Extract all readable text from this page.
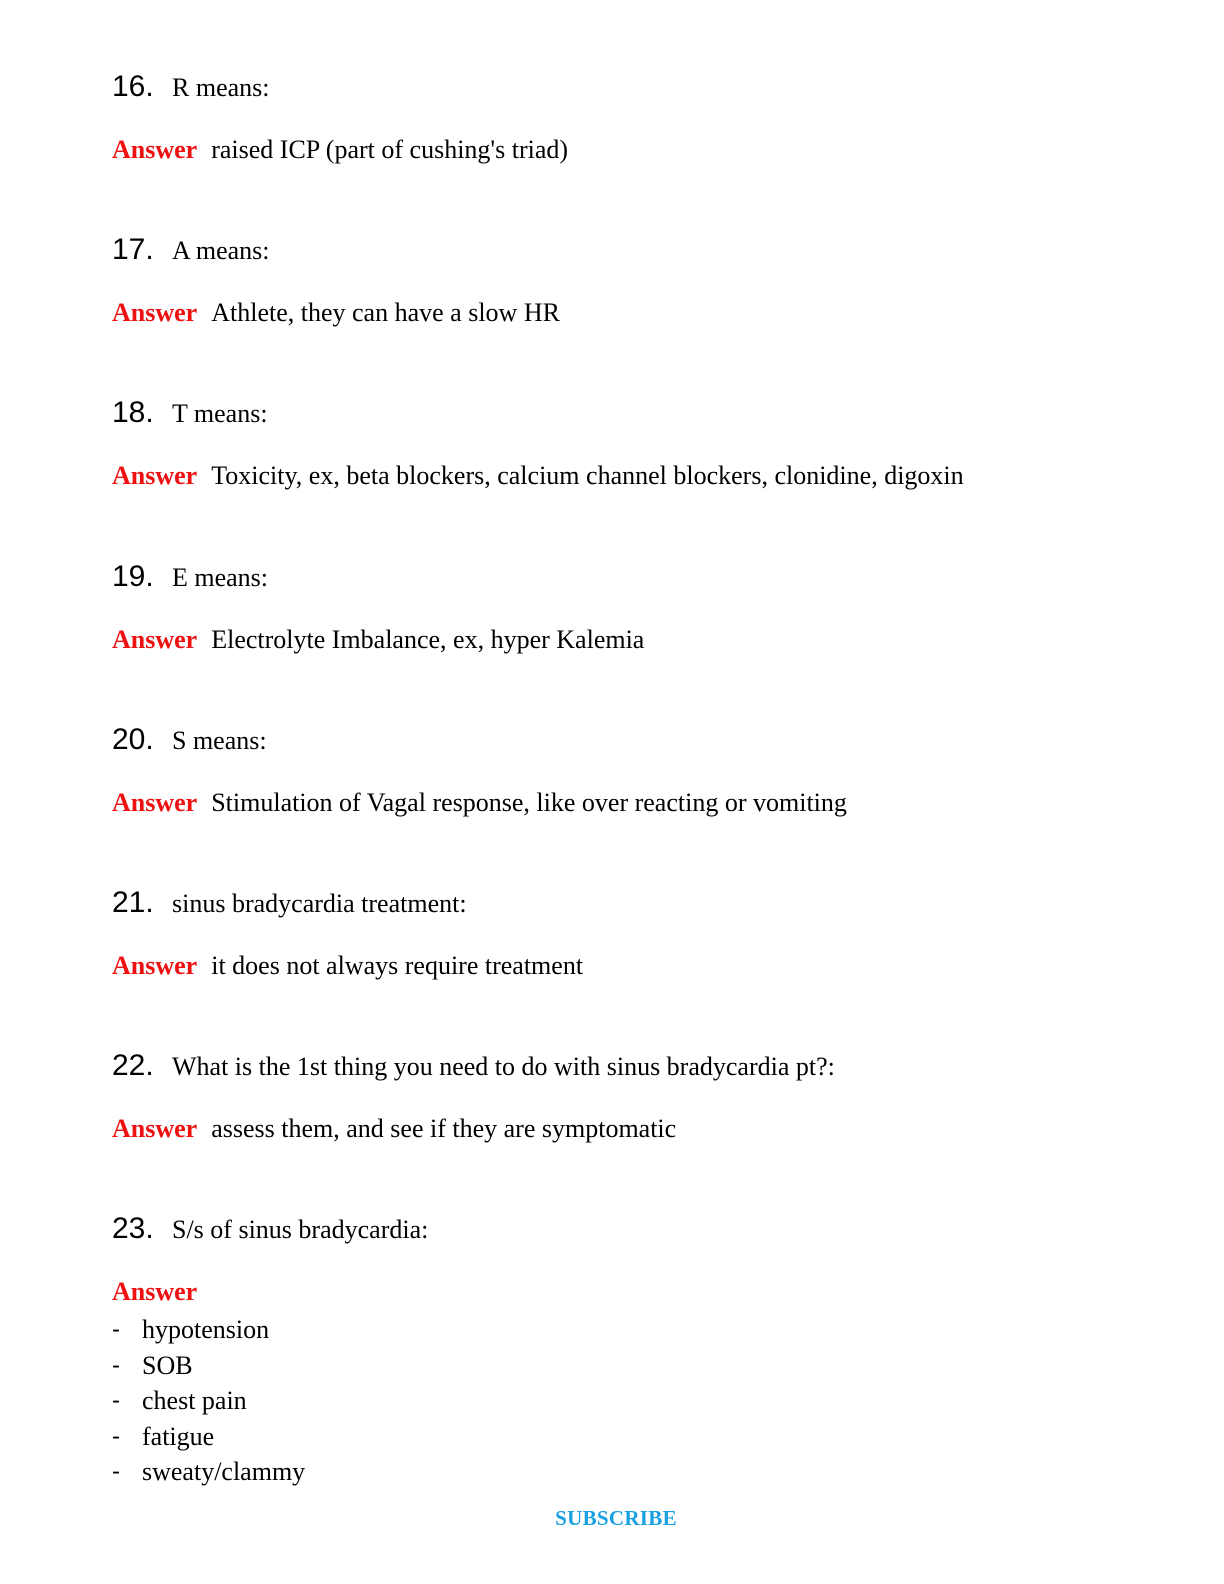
16. R means:
Answer raised ICP (part of cushing's triad)
17. A means:
Answer Athlete, they can have a slow HR
18. T means:
Answer Toxicity, ex, beta blockers, calcium channel blockers, clonidine, digoxin
19. E means:
Answer Electrolyte Imbalance, ex, hyper Kalemia
20. S means:
Answer Stimulation of Vagal response, like over reacting or vomiting
21. sinus bradycardia treatment:
Answer it does not always require treatment
22. What is the 1st thing you need to do with sinus bradycardia pt?:
Answer assess them, and see if they are symptomatic
23. S/s of sinus bradycardia:
Answer
- hypotension
- SOB
- chest pain
- fatigue
- sweaty/clammy
SUBSCRIBE
